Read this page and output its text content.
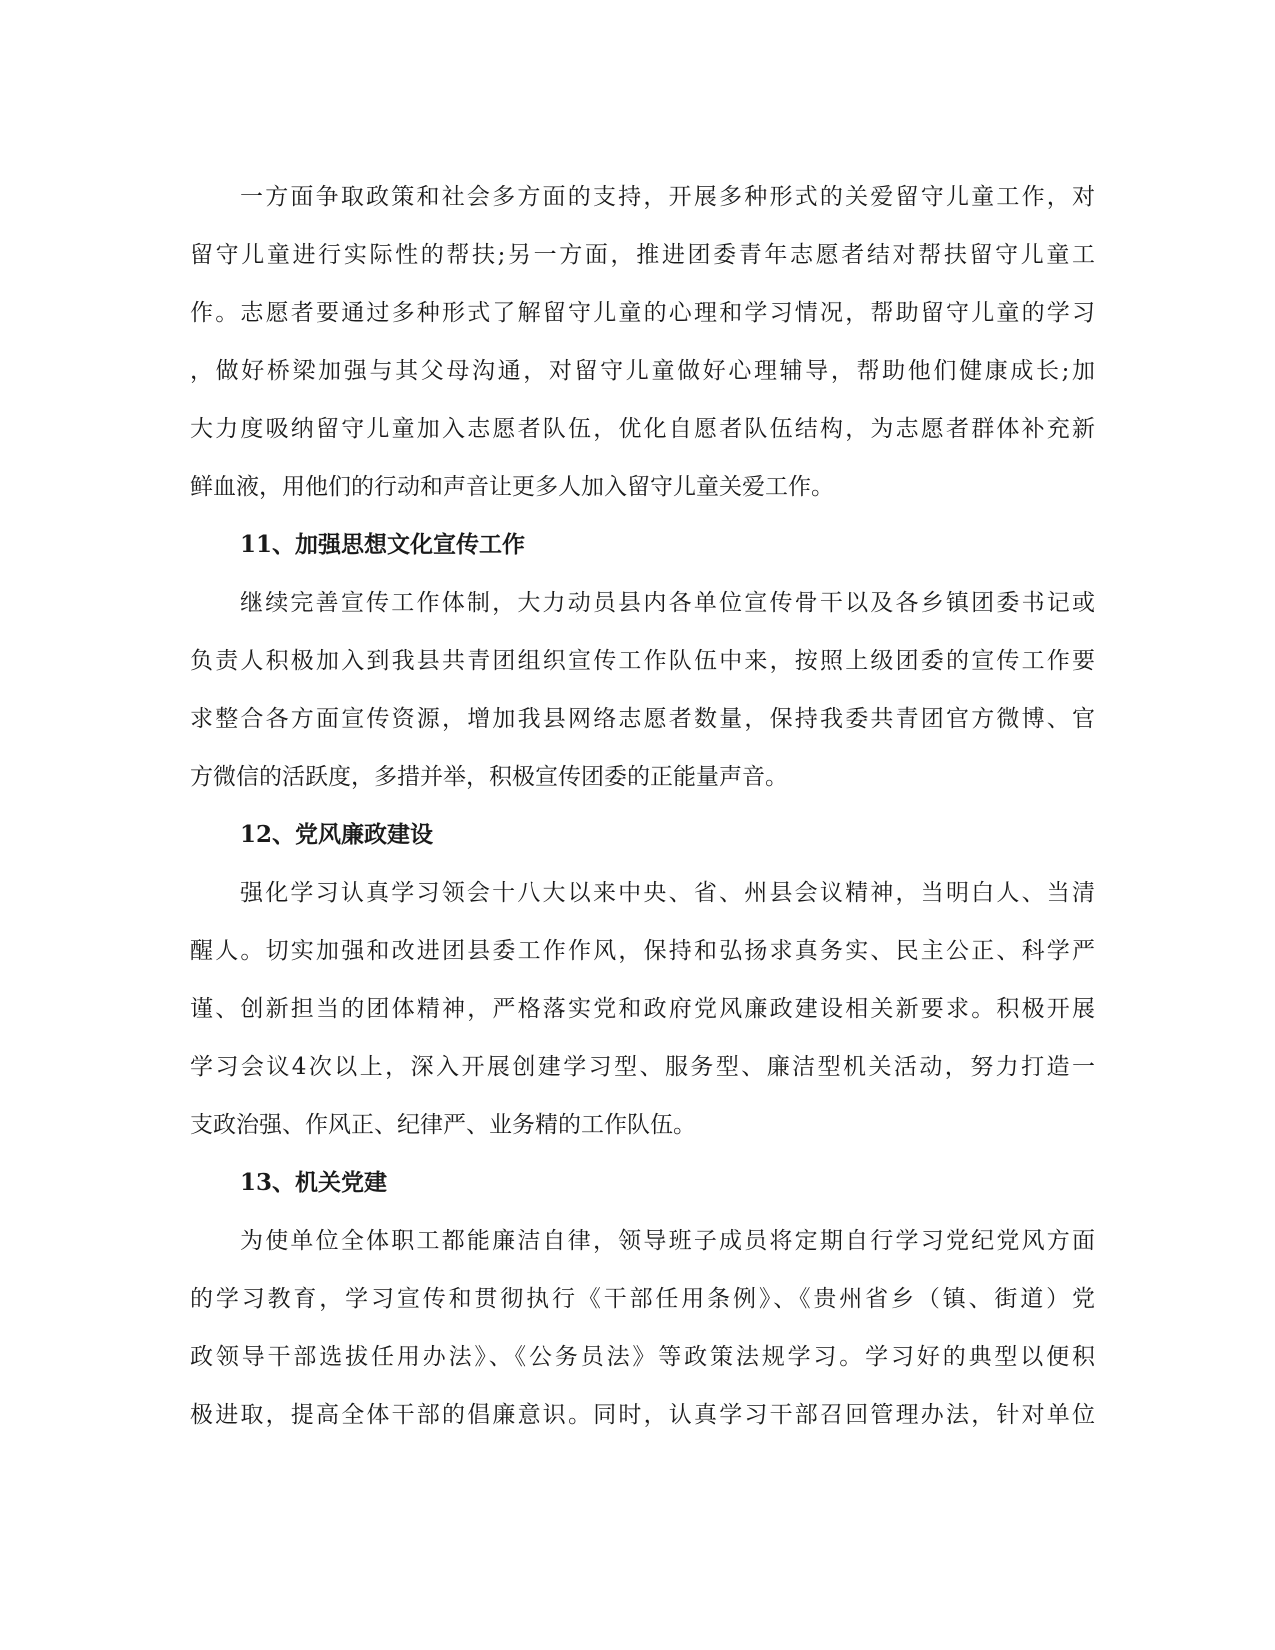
一方面争取政策和社会多方面的支持，开展多种形式的关爱留守儿童工作，对
留守儿童进行实际性的帮扶;另一方面，推进团委青年志愿者结对帮扶留守儿童工
作。志愿者要通过多种形式了解留守儿童的心理和学习情况，帮助留守儿童的学习
，做好桥梁加强与其父母沟通，对留守儿童做好心理辅导，帮助他们健康成长;加
大力度吸纳留守儿童加入志愿者队伍，优化自愿者队伍结构，为志愿者群体补充新
鲜血液，用他们的行动和声音让更多人加入留守儿童关爱工作。
11、加强思想文化宣传工作
继续完善宣传工作体制，大力动员县内各单位宣传骨干以及各乡镇团委书记或
负责人积极加入到我县共青团组织宣传工作队伍中来，按照上级团委的宣传工作要
求整合各方面宣传资源，增加我县网络志愿者数量，保持我委共青团官方微博、官
方微信的活跃度，多措并举，积极宣传团委的正能量声音。
12、党风廉政建设
强化学习认真学习领会十八大以来中央、省、州县会议精神，当明白人、当清
醒人。切实加强和改进团县委工作作风，保持和弘扬求真务实、民主公正、科学严
谨、创新担当的团体精神，严格落实党和政府党风廉政建设相关新要求。积极开展
学习会议4次以上，深入开展创建学习型、服务型、廉洁型机关活动，努力打造一
支政治强、作风正、纪律严、业务精的工作队伍。
13、机关党建
为使单位全体职工都能廉洁自律，领导班子成员将定期自行学习党纪党风方面
的学习教育，学习宣传和贯彻执行《干部任用条例》、《贵州省乡（镇、街道）党
政领导干部选拔任用办法》、《公务员法》等政策法规学习。学习好的典型以便积
极进取，提高全体干部的倡廉意识。同时，认真学习干部召回管理办法，针对单位
